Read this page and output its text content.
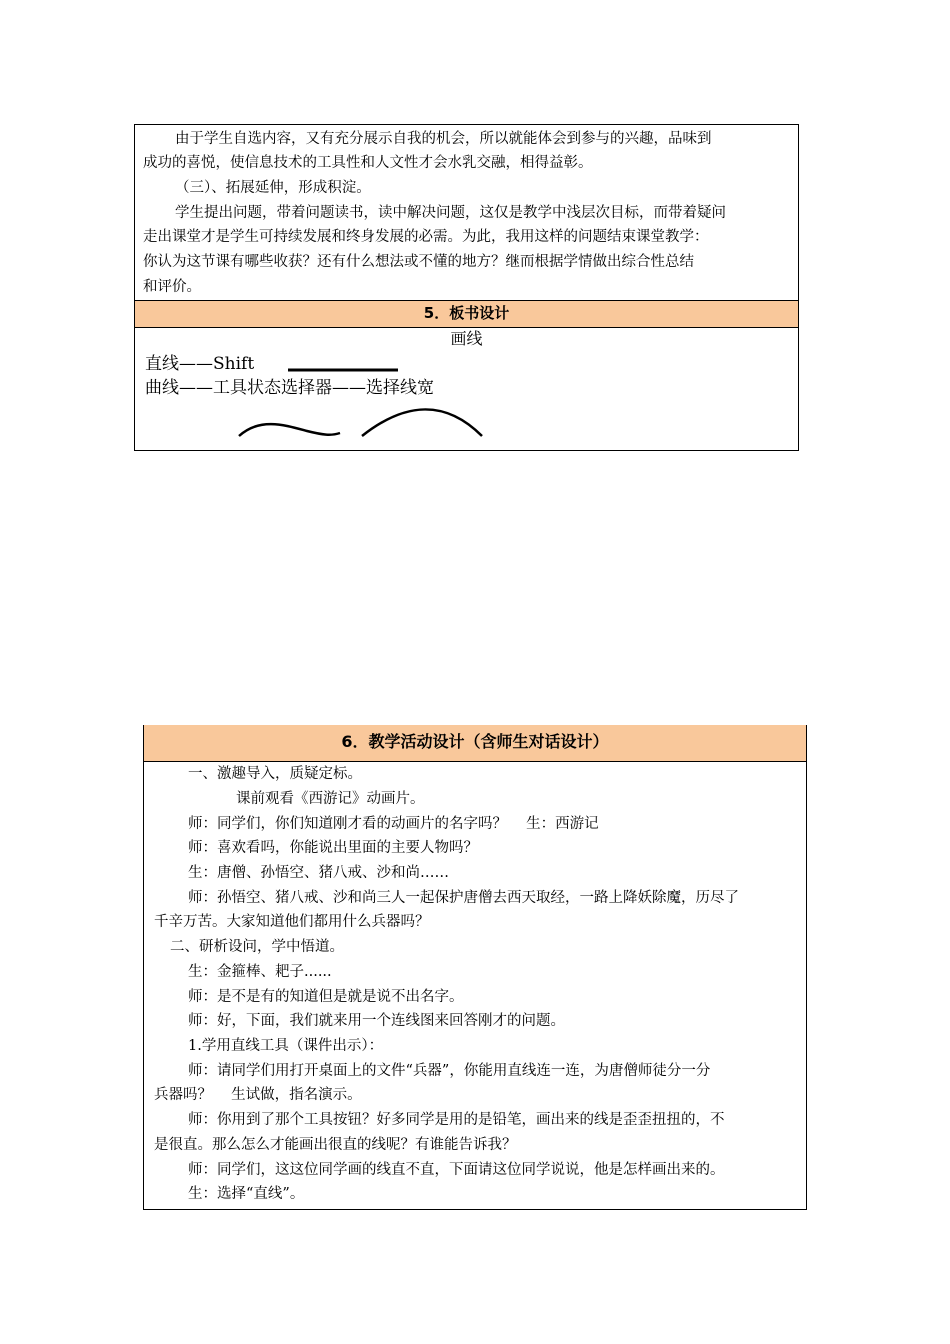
由于学生自选内容，又有充分展示自我的机会，所以就能体会到参与的兴趣，品味到
成功的喜悦，使信息技术的工具性和人文性才会水乳交融，相得益彰。
（三）、拓展延伸，形成积淀。
学生提出问题，带着问题读书，读中解决问题，这仅是教学中浅层次目标，而带着疑问
走出课堂才是学生可持续发展和终身发展的必需。为此，我用这样的问题结束课堂教学：
你认为这节课有哪些收获？还有什么想法或不懂的地方？继而根据学情做出综合性总结
和评价。
5．板书设计
画线
直线——Shift
曲线——工具状态选择器——选择线宽
6．教学活动设计（含师生对话设计）
一、激趣导入，质疑定标。
课前观看《西游记》动画片。
师：同学们，你们知道刚才看的动画片的名字吗？　 生：西游记
师：喜欢看吗，你能说出里面的主要人物吗？
生：唐僧、孙悟空、猪八戒、沙和尚……
师：孙悟空、猪八戒、沙和尚三人一起保护唐僧去西天取经，一路上降妖除魔，历尽了
千辛万苦。大家知道他们都用什么兵器吗？
二、研析设问，学中悟道。
生：金箍棒、耙子......
师：是不是有的知道但是就是说不出名字。
师：好，下面，我们就来用一个连线图来回答刚才的问题。
1.学用直线工具（课件出示）：
师：请同学们用打开桌面上的文件“兵器”，你能用直线连一连，为唐僧师徒分一分
兵器吗？　 生试做，指名演示。
师：你用到了那个工具按钮？好多同学是用的是铅笔，画出来的线是歪歪扭扭的，不
是很直。那么怎么才能画出很直的线呢？有谁能告诉我？
师：同学们，这这位同学画的线直不直，下面请这位同学说说，他是怎样画出来的。
生：选择“直线”。
